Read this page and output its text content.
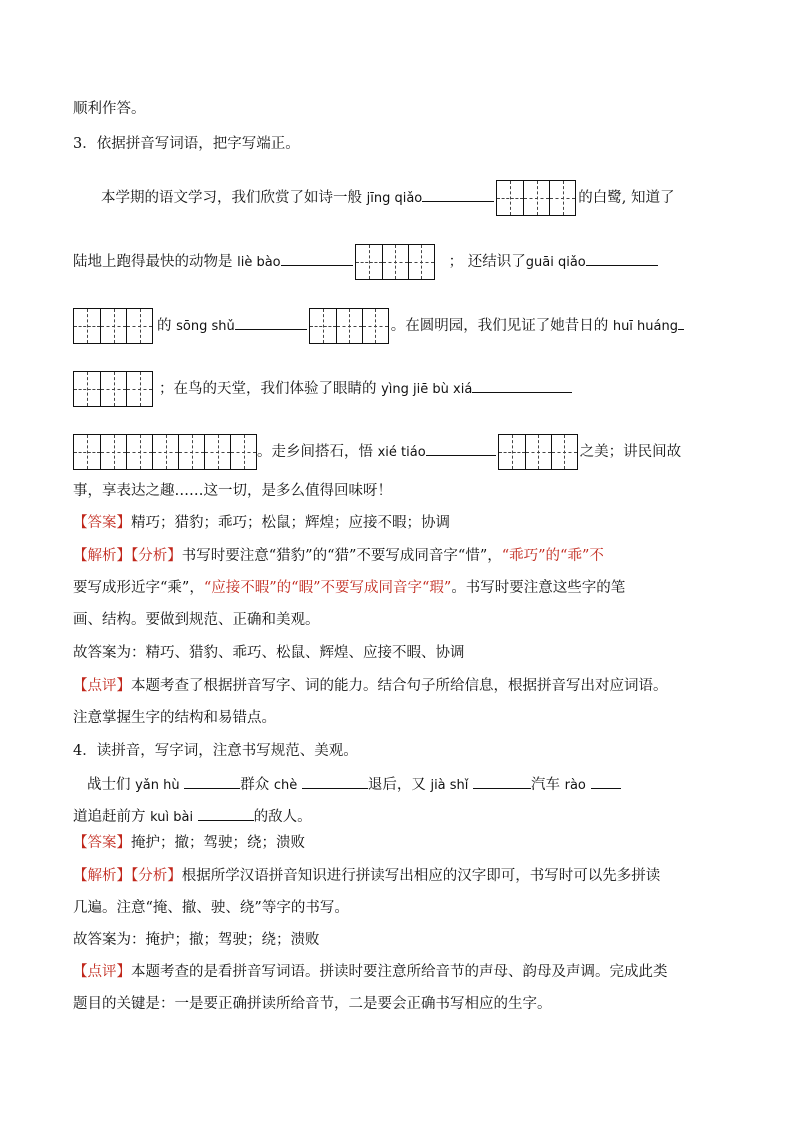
顺利作答。
3．依据拼音写词语，把字写端正。
本学期的语文学习，我们欣赏了如诗一般 jīng qiǎo	的白鹭, 知道了
陆地上跑得最快的动物是 liè bào	； 还结识了guāi qiǎo
的 sōng shǔ	。在圆明园，我们见证了她昔日的 huī huáng
；在鸟的天堂，我们体验了眼睛的 yìng jiē bù xiá
。走乡间搭石，悟 xié tiáo	之美；讲民间故
事，享表达之趣……这一切，是多么值得回味呀！
【答案】精巧；猎豹；乖巧；松鼠；辉煌；应接不暇；协调
【解析】【分析】书写时要注意“猎豹”的“猎”不要写成同音字“惜”，“乖巧”的“乖”不
要写成形近字“乘”，“应接不暇”的“暇”不要写成同音字“瑕”。书写时要注意这些字的笔
画、结构。要做到规范、正确和美观。
故答案为：精巧、猎豹、乖巧、松鼠、辉煌、应接不暇、协调
【点评】本题考查了根据拼音写字、词的能力。结合句子所给信息，根据拼音写出对应词语。
注意掌握生字的结构和易错点。
4．读拼音，写字词，注意书写规范、美观。
战士们 yǎn hù	群众 chè	退后，又 jià shǐ	汽车 rào
道追赶前方 kuì bài	的敌人。
【答案】掩护；撤；驾驶；绕；溃败
【解析】【分析】根据所学汉语拼音知识进行拼读写出相应的汉字即可，书写时可以先多拼读
几遍。注意“掩、撤、驶、绕”等字的书写。
故答案为：掩护；撤；驾驶；绕；溃败
【点评】本题考查的是看拼音写词语。拼读时要注意所给音节的声母、韵母及声调。完成此类
题目的关键是：一是要正确拼读所给音节，二是要会正确书写相应的生字。
